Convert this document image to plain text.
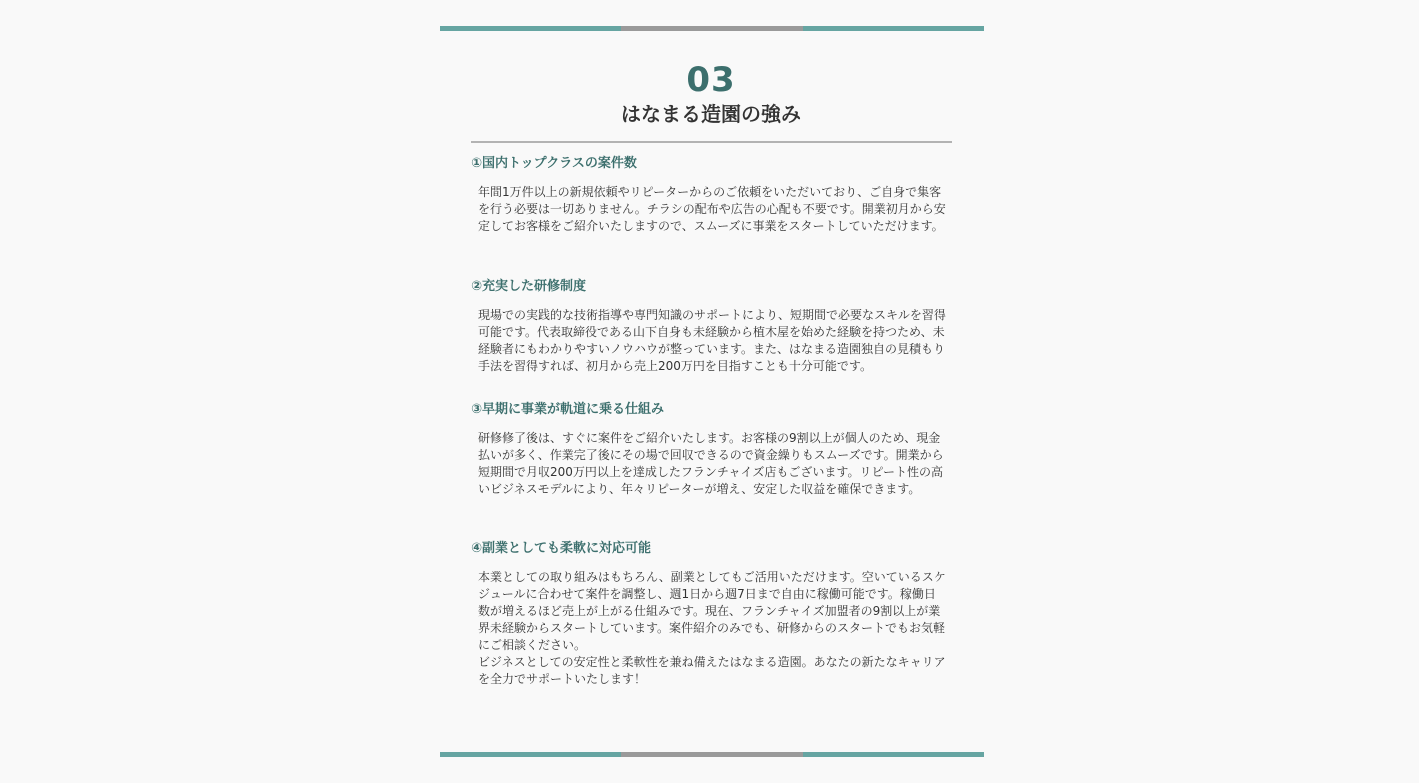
03
はなまる造園の強み
①国内トップクラスの案件数

年間1万件以上の新規依頼やリピーターからのご依頼をいただいており、ご自身で集客を行う必要は一切ありません。チラシの配布や広告の心配も不要です。開業初月から安定してお客様をご紹介いたしますので、スムーズに事業をスタートしていただけます。

②充実した研修制度

現場での実践的な技術指導や専門知識のサポートにより、短期間で必要なスキルを習得可能です。代表取締役である山下自身も未経験から植木屋を始めた経験を持つため、未経験者にもわかりやすいノウハウが整っています。また、はなまる造園独自の見積もり手法を習得すれば、初月から売上200万円を目指すことも十分可能です。

③早期に事業が軌道に乗る仕組み

研修修了後は、すぐに案件をご紹介いたします。お客様の9割以上が個人のため、現金払いが多く、作業完了後にその場で回収できるので資金繰りもスムーズです。開業から短期間で月収200万円以上を達成したフランチャイズ店もございます。リピート性の高いビジネスモデルにより、年々リピーターが増え、安定した収益を確保できます。

④副業としても柔軟に対応可能

本業としての取り組みはもちろん、副業としてもご活用いただけます。空いているスケジュールに合わせて案件を調整し、週1日から週7日まで自由に稼働可能です。稼働日数が増えるほど売上が上がる仕組みです。現在、フランチャイズ加盟者の9割以上が業界未経験からスタートしています。案件紹介のみでも、研修からのスタートでもお気軽にご相談ください。

ビジネスとしての安定性と柔軟性を兼ね備えたはなまる造園。あなたの新たなキャリアを全力でサポートいたします！
